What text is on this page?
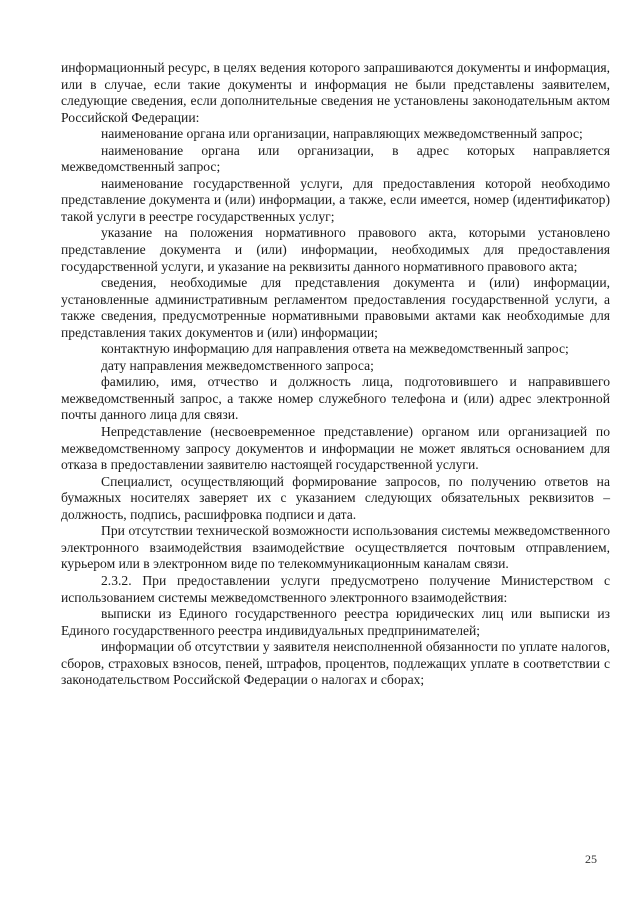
информационный ресурс, в целях ведения которого запрашиваются документы и информация, или в случае, если такие документы и информация не были представлены заявителем, следующие сведения, если дополнительные сведения не установлены законодательным актом Российской Федерации:

наименование органа или организации, направляющих межведомственный запрос;

наименование органа или организации, в адрес которых направляется межведомственный запрос;

наименование государственной услуги, для предоставления которой необходимо представление документа и (или) информации, а также, если имеется, номер (идентификатор) такой услуги в реестре государственных услуг;

указание на положения нормативного правового акта, которыми установлено представление документа и (или) информации, необходимых для предоставления государственной услуги, и указание на реквизиты данного нормативного правового акта;

сведения, необходимые для представления документа и (или) информации, установленные административным регламентом предоставления государственной услуги, а также сведения, предусмотренные нормативными правовыми актами как необходимые для представления таких документов и (или) информации;

контактную информацию для направления ответа на межведомственный запрос;

дату направления межведомственного запроса;

фамилию, имя, отчество и должность лица, подготовившего и направившего межведомственный запрос, а также номер служебного телефона и (или) адрес электронной почты данного лица для связи.

Непредставление (несвоевременное представление) органом или организацией по межведомственному запросу документов и информации не может являться основанием для отказа в предоставлении заявителю настоящей государственной услуги.

Специалист, осуществляющий формирование запросов, по получению ответов на бумажных носителях заверяет их с указанием следующих обязательных реквизитов – должность, подпись, расшифровка подписи и дата.

При отсутствии технической возможности использования системы межведомственного электронного взаимодействия взаимодействие осуществляется почтовым отправлением, курьером или в электронном виде по телекоммуникационным каналам связи.

2.3.2. При предоставлении услуги предусмотрено получение Министерством с использованием системы межведомственного электронного взаимодействия:

выписки из Единого государственного реестра юридических лиц или выписки из Единого государственного реестра индивидуальных предпринимателей;

информации об отсутствии у заявителя неисполненной обязанности по уплате налогов, сборов, страховых взносов, пеней, штрафов, процентов, подлежащих уплате в соответствии с законодательством Российской Федерации о налогах и сборах;

25
